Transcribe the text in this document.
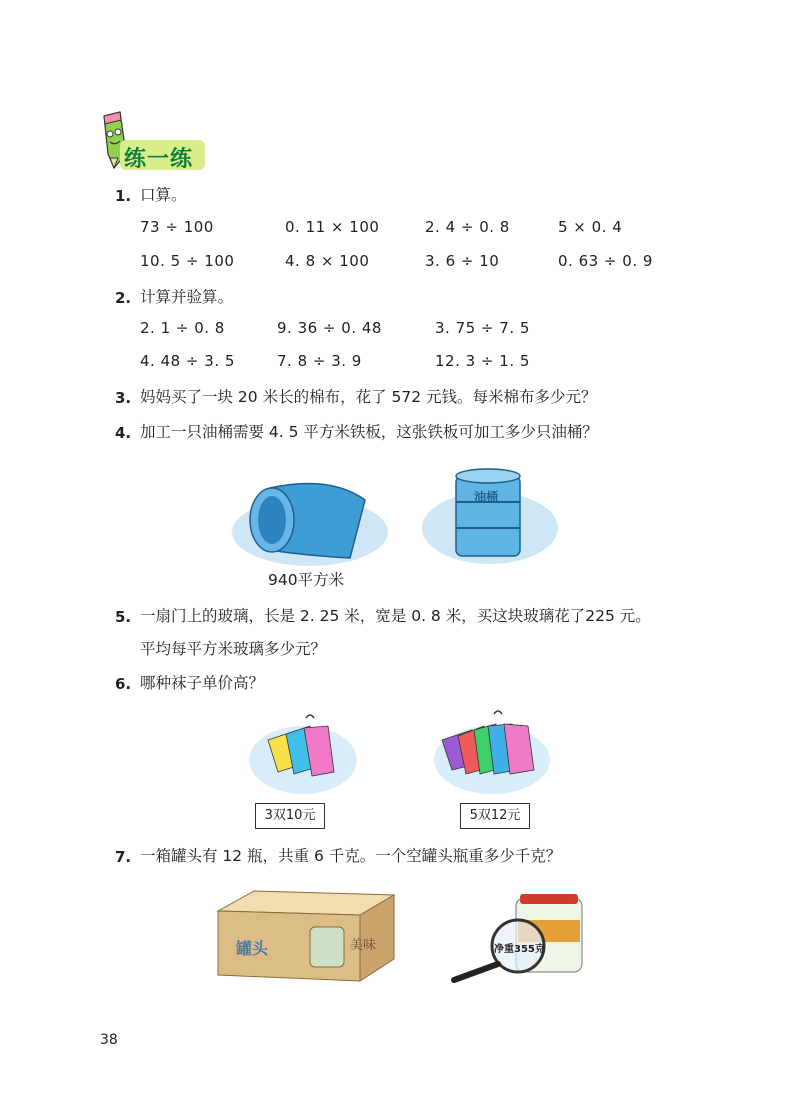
练一练
1. 口算。
73 ÷ 100	0. 11 × 100	2. 4 ÷ 0. 8	5 × 0. 4
10. 5 ÷ 100	4. 8 × 100	3. 6 ÷ 10	0. 63 ÷ 0. 9
2. 计算并验算。
2. 1 ÷ 0. 8	9. 36 ÷ 0. 48	3. 75 ÷ 7. 5
4. 48 ÷ 3. 5	7. 8 ÷ 3. 9	12. 3 ÷ 1. 5
3. 妈妈买了一块 20 米长的棉布，花了 572 元钱。每米棉布多少元？
4. 加工一只油桶需要 4. 5 平方米铁板，这张铁板可加工多少只油桶？
940平方米
油桶
5. 一扇门上的玻璃，长是 2. 25 米，宽是 0. 8 米，买这块玻璃花了225 元。
平均每平方米玻璃多少元？
6. 哪种袜子单价高？
3双10元	5双12元
7. 一箱罐头有 12 瓶，共重 6 千克。一个空罐头瓶重多少千克？
罐头	美味	净重355克
38
